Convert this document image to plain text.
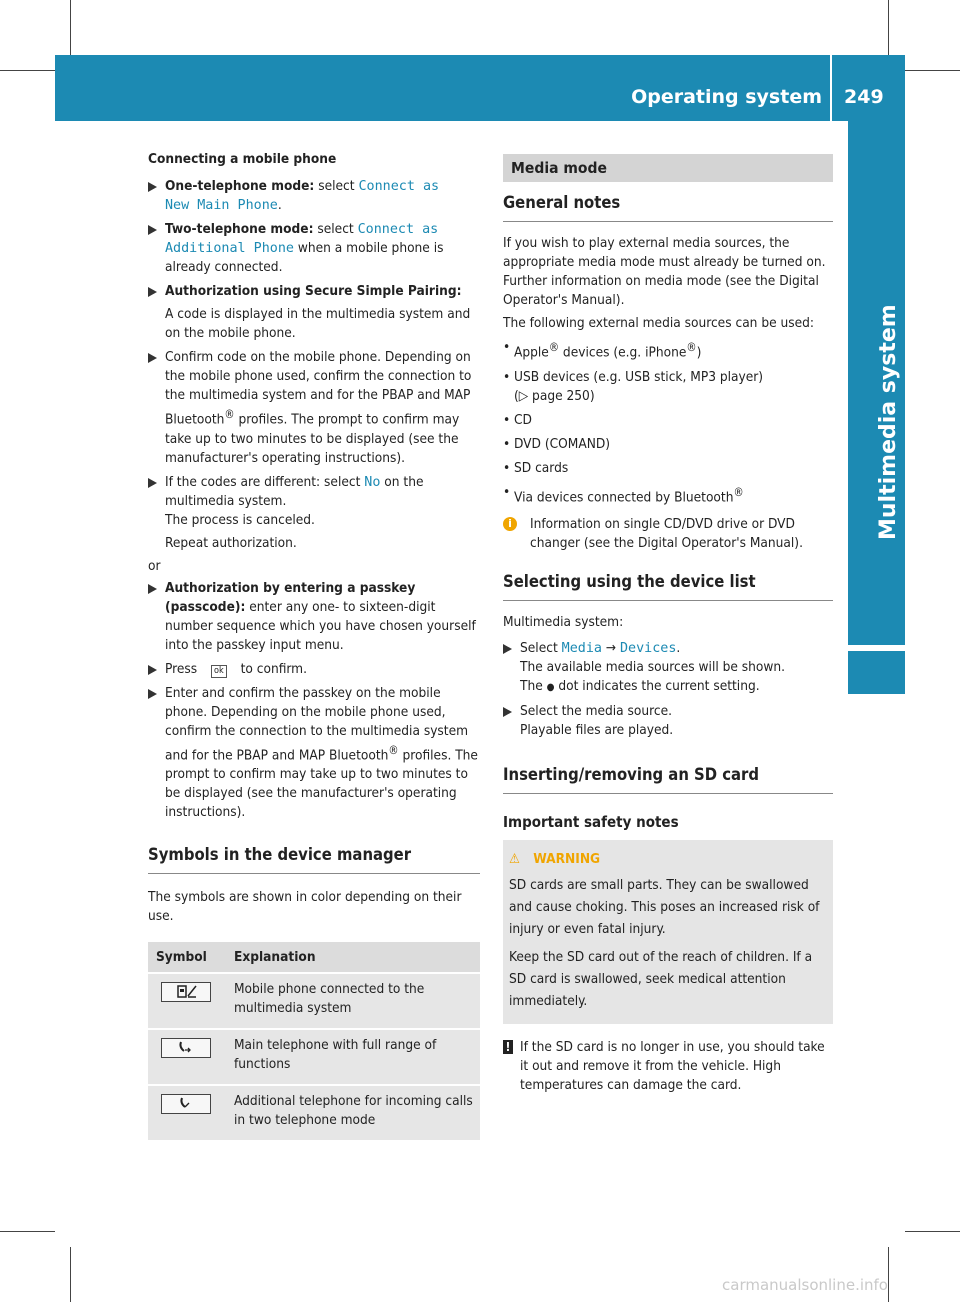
Operating system 249
Multimedia system

Connecting a mobile phone

One-telephone mode: select Connect as
New Main Phone.
Two-telephone mode: select Connect as
Additional Phone when a mobile phone is already connected.

Authorization using Secure Simple Pairing:

A code is displayed in the multimedia system and on the mobile phone.

Confirm code on the mobile phone. Depending on the mobile phone used, confirm the connection to the multimedia system and for the PBAP and MAP Bluetooth® profiles. The prompt to confirm may take up to two minutes to be displayed (see the manufacturer's operating instructions).
If the codes are different: select No on the multimedia system.

The process is canceled.

Repeat authorization.

or

Authorization by entering a passkey (passcode): enter any one- to sixteen-digit number sequence which you have chosen yourself into the passkey input menu.
Press ok to confirm.
Enter and confirm the passkey on the mobile phone. Depending on the mobile phone used, confirm the connection to the multimedia system and for the PBAP and MAP Bluetooth® profiles. The prompt to confirm may take up to two minutes to be displayed (see the manufacturer's operating instructions).

Symbols in the device manager

The symbols are shown in color depending on their use.

Symbol	Explanation
	Mobile phone connected to the multimedia system
	Main telephone with full range of functions
	Additional telephone for incoming calls in two telephone mode
Media mode

General notes

If you wish to play external media sources, the appropriate media mode must already be turned on. Further information on media mode (see the Digital Operator's Manual).

The following external media sources can be used:

• Apple® devices (e.g. iPhone®)
• USB devices (e.g. USB stick, MP3 player)
(▷ page 250)
• CD
• DVD (COMAND)
• SD cards
• Via devices connected by Bluetooth®
i	Information on single CD/DVD drive or DVD changer (see the Digital Operator's Manual).

Selecting using the device list

Multimedia system:

Select Media → Devices.

The available media sources will be shown.

The ● dot indicates the current setting.

Select the media source.

Playable files are played.

Inserting/removing an SD card

Important safety notes

⚠ WARNING

SD cards are small parts. They can be swallowed and cause choking. This poses an increased risk of injury or even fatal injury.

Keep the SD card out of the reach of children. If a SD card is swallowed, seek medical attention immediately.

! If the SD card is no longer in use, you should take it out and remove it from the vehicle. High temperatures can damage the card.
carmanualsonline.info
